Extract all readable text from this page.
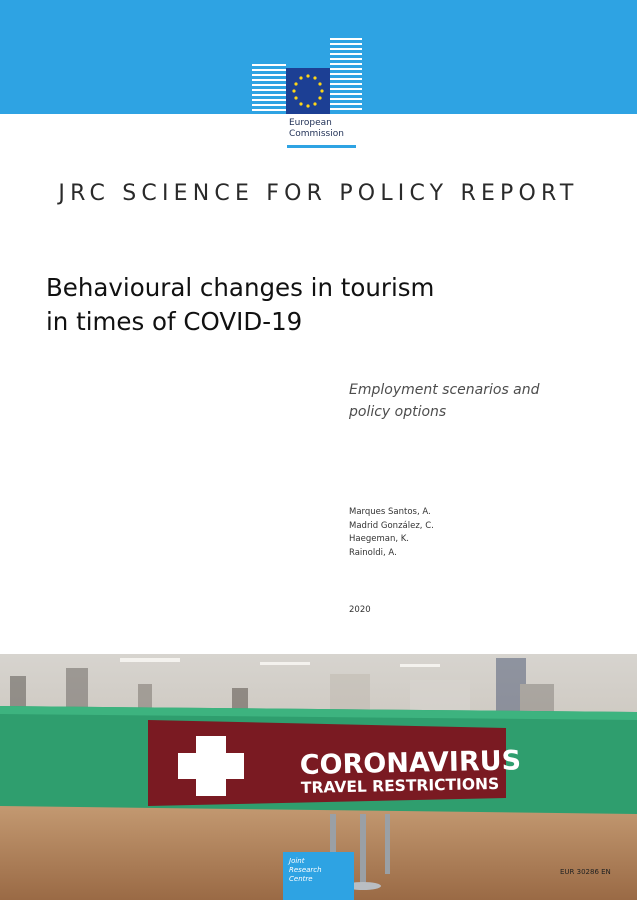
European
Commission
JRC SCIENCE FOR POLICY REPORT
Behavioural changes in tourism
in times of COVID-19
Employment scenarios and
policy options
Marques Santos, A.
Madrid González, C.
Haegeman, K.
Rainoldi, A.
2020
CORONAVIRUS
TRAVEL RESTRICTIONS
Joint
Research
Centre
EUR 30286 EN
